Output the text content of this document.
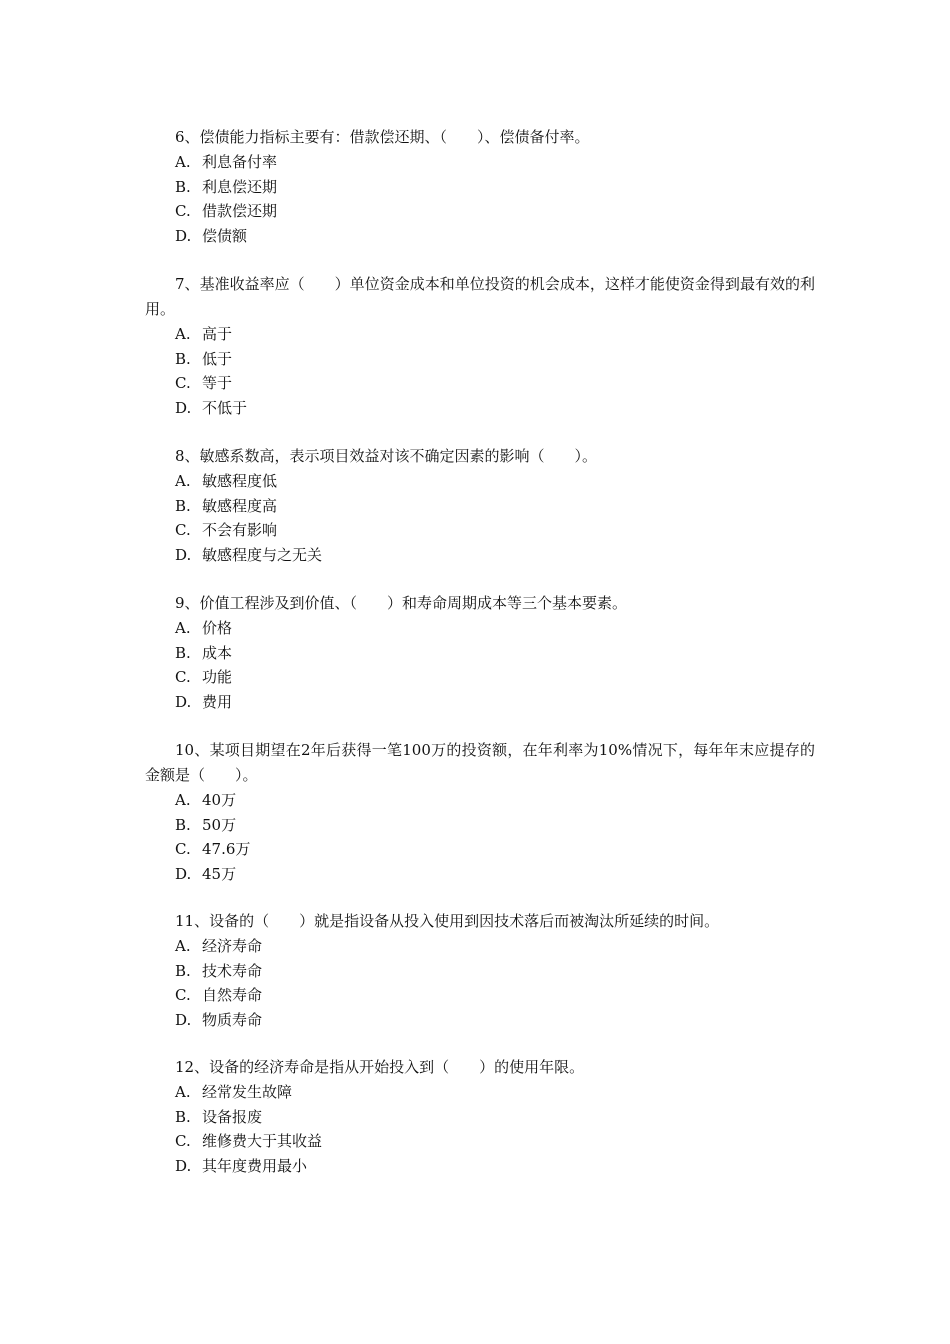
6、偿债能力指标主要有：借款偿还期、（　　）、偿债备付率。

A. 利息备付率
B. 利息偿还期
C. 借款偿还期
D. 偿债额

7、基准收益率应（　　）单位资金成本和单位投资的机会成本，这样才能使资金得到最有效的利用。

A. 高于
B. 低于
C. 等于
D. 不低于

8、敏感系数高，表示项目效益对该不确定因素的影响（　　）。

A. 敏感程度低
B. 敏感程度高
C. 不会有影响
D. 敏感程度与之无关

9、价值工程涉及到价值、（　　）和寿命周期成本等三个基本要素。

A. 价格
B. 成本
C. 功能
D. 费用

10、某项目期望在2年后获得一笔100万的投资额，在年利率为10%情况下，每年年末应提存的金额是（　　）。

A. 40万
B. 50万
C. 47.6万
D. 45万

11、设备的（　　）就是指设备从投入使用到因技术落后而被淘汰所延续的时间。

A. 经济寿命
B. 技术寿命
C. 自然寿命
D. 物质寿命

12、设备的经济寿命是指从开始投入到（　　）的使用年限。

A. 经常发生故障
B. 设备报废
C. 维修费大于其收益
D. 其年度费用最小
